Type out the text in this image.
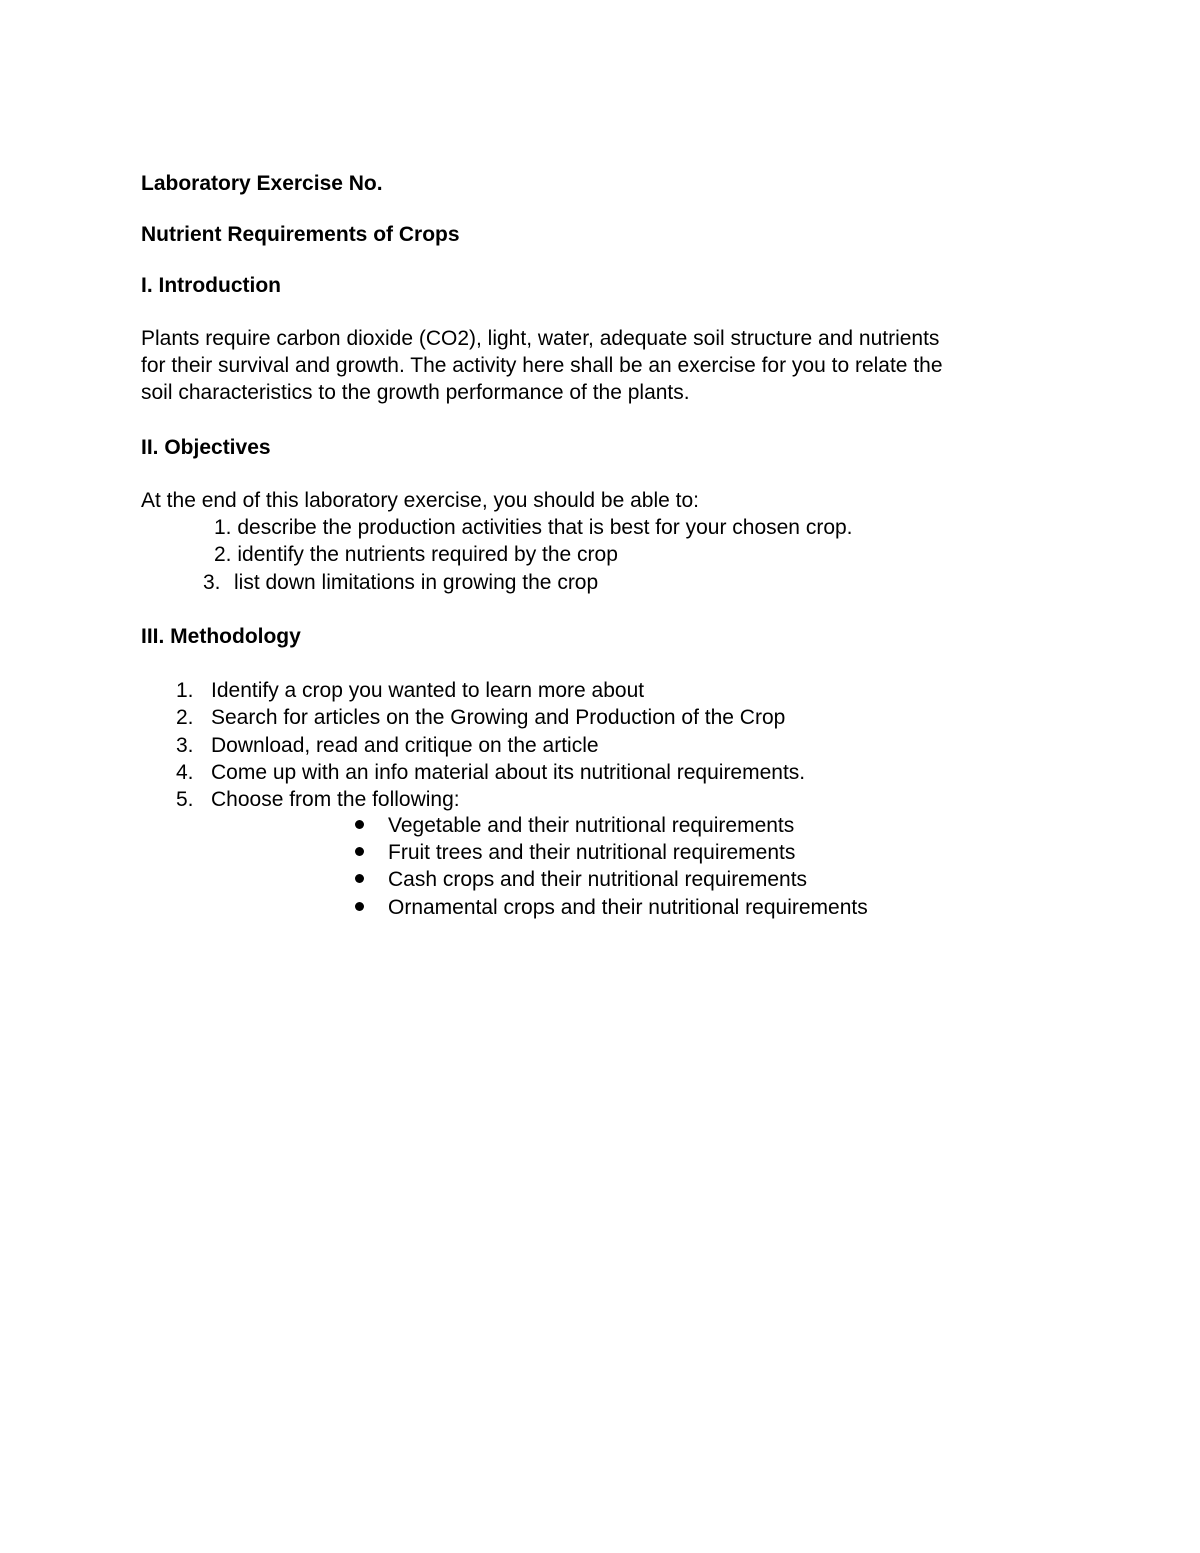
Laboratory Exercise No.

Nutrient Requirements of Crops

I. Introduction

Plants require carbon dioxide (CO2), light, water, adequate soil structure and nutrients

for their survival and growth. The activity here shall be an exercise for you to relate the

soil characteristics to the growth performance of the plants.

II. Objectives

At the end of this laboratory exercise, you should be able to:

1. describe the production activities that is best for your chosen crop.

2. identify the nutrients required by the crop

3. list down limitations in growing the crop

III. Methodology

1. Identify a crop you wanted to learn more about

2. Search for articles on the Growing and Production of the Crop

3. Download, read and critique on the article

4. Come up with an info material about its nutritional requirements.

5. Choose from the following:

Vegetable and their nutritional requirements

Fruit trees and their nutritional requirements

Cash crops and their nutritional requirements

Ornamental crops and their nutritional requirements
